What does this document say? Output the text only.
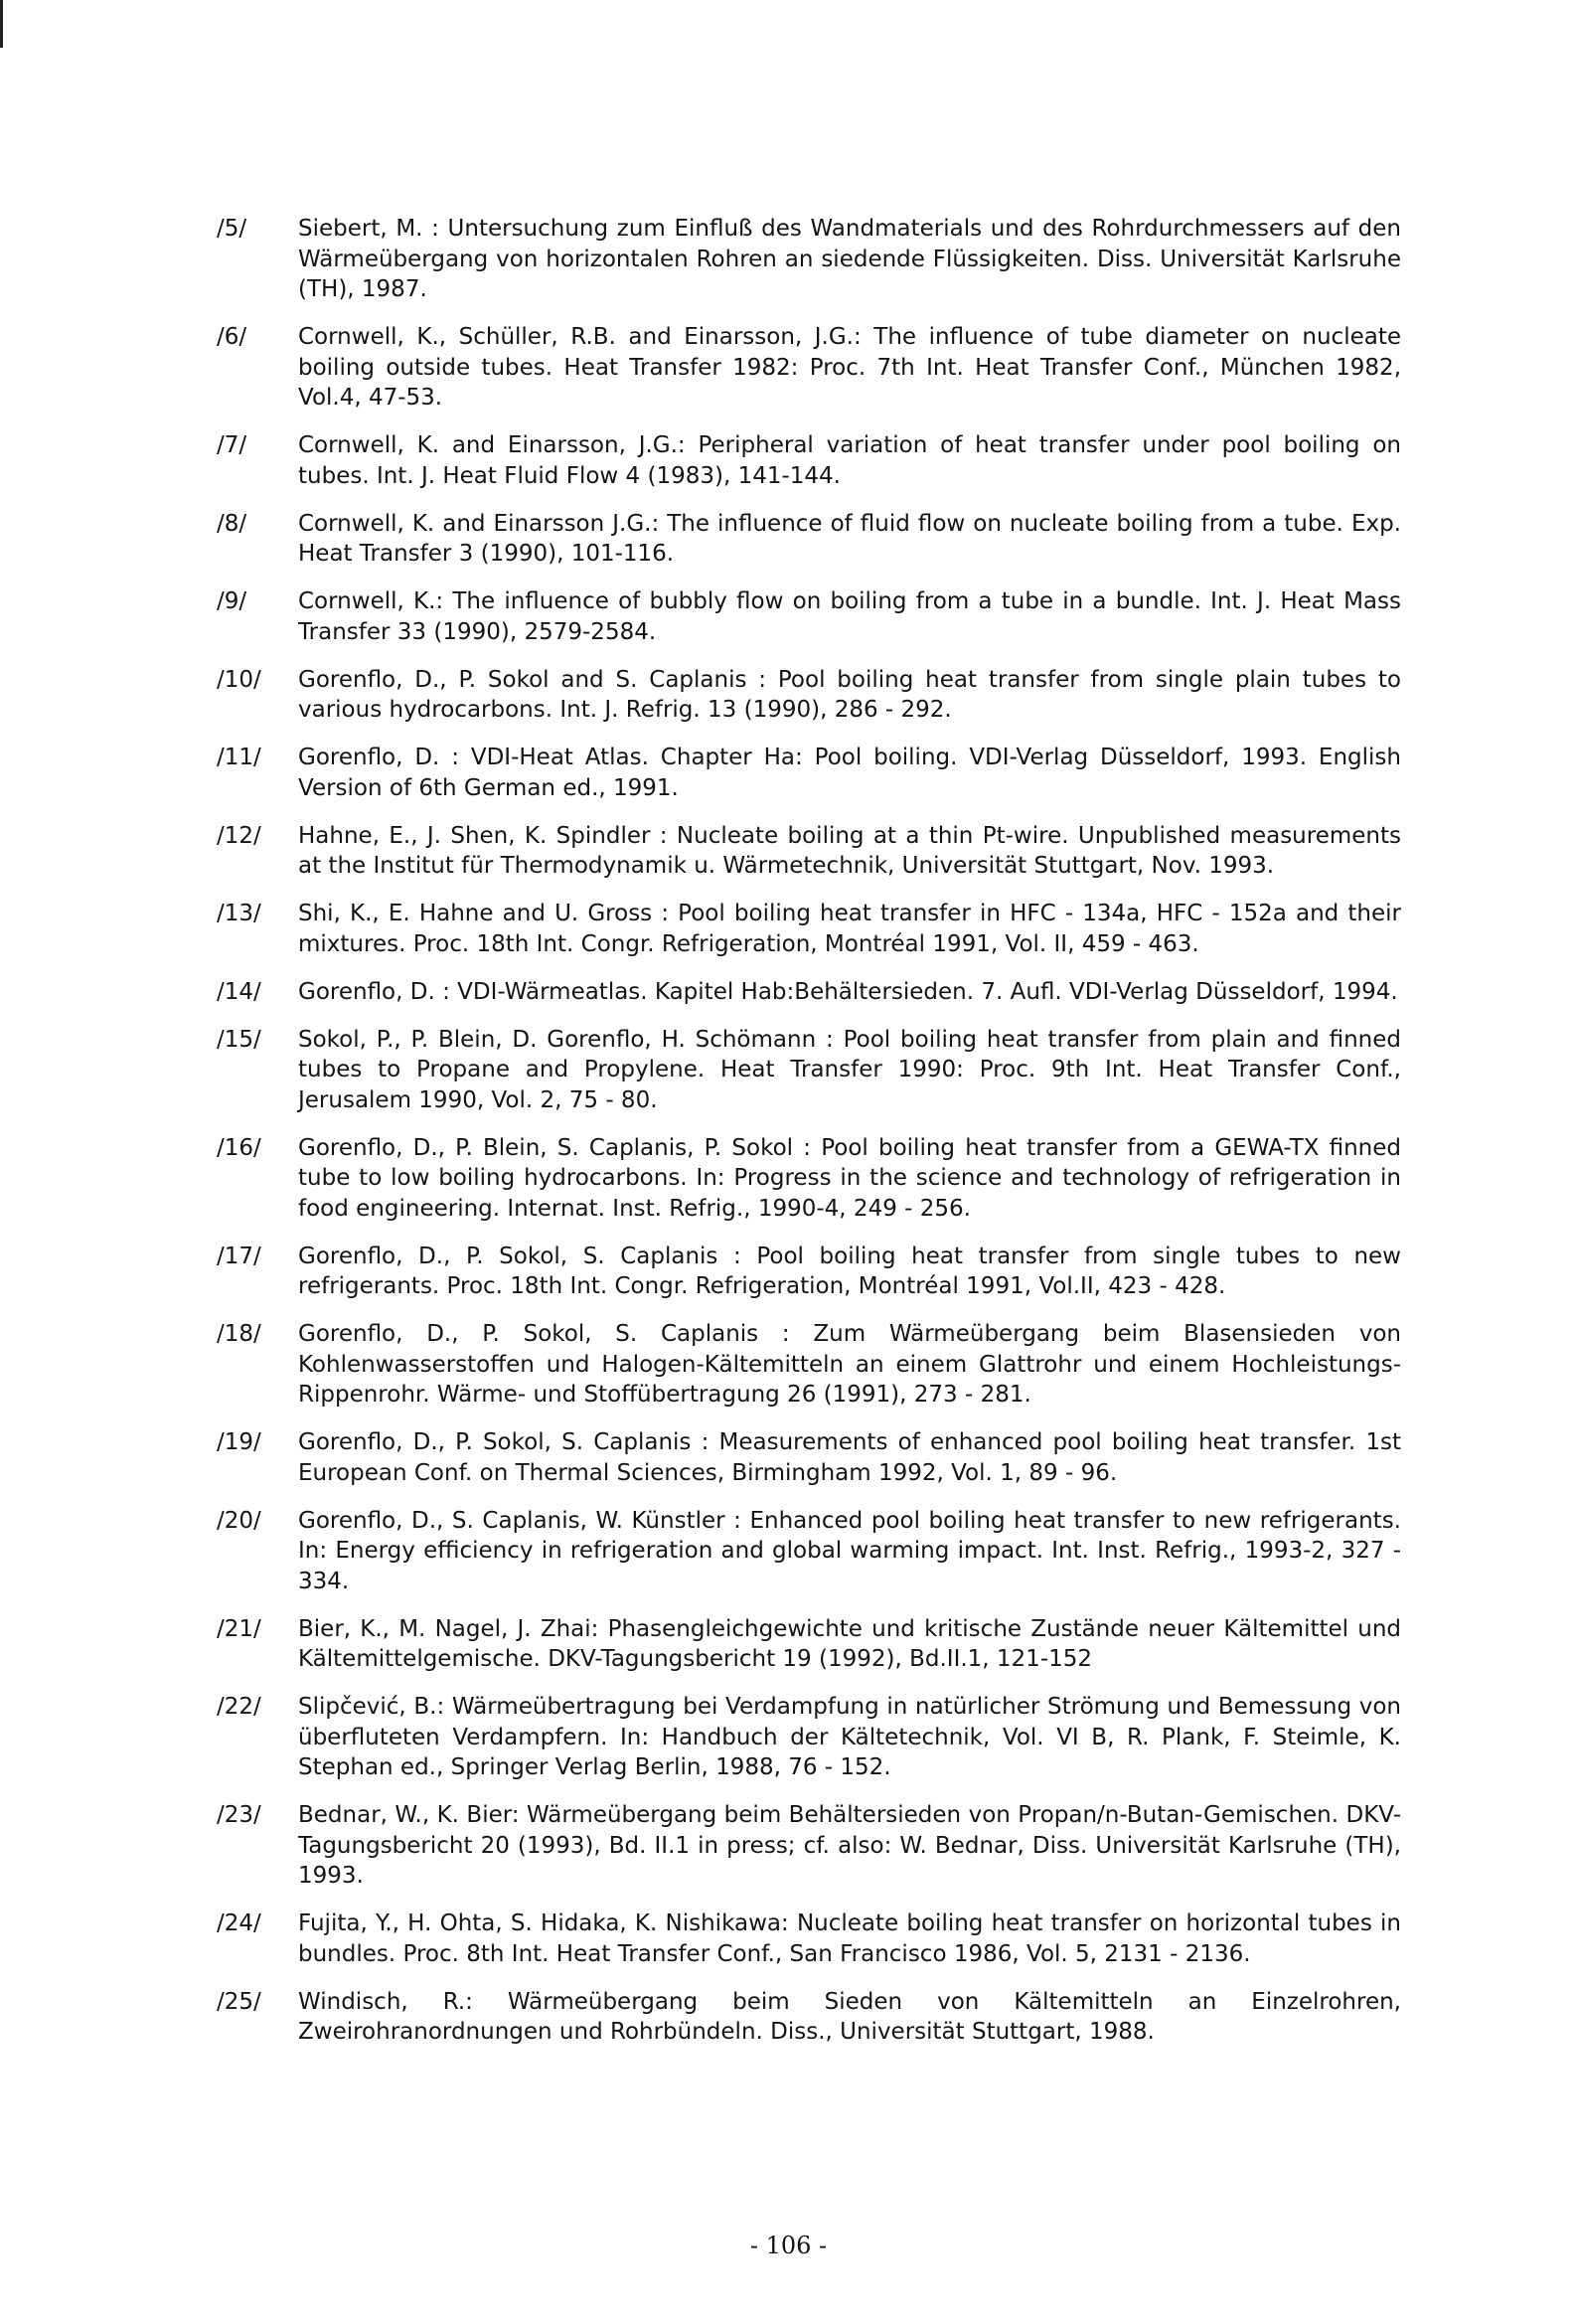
/5/	Siebert, M. : Untersuchung zum Einfluß des Wandmaterials und des Rohrdurchmessers auf den Wärmeübergang von horizontalen Rohren an siedende Flüssigkeiten. Diss. Universität Karlsruhe (TH), 1987.
/6/	Cornwell, K., Schüller, R.B. and Einarsson, J.G.: The influence of tube diameter on nucleate boiling outside tubes. Heat Transfer 1982: Proc. 7th Int. Heat Transfer Conf., München 1982, Vol.4, 47-53.
/7/	Cornwell, K. and Einarsson, J.G.: Peripheral variation of heat transfer under pool boiling on tubes. Int. J. Heat Fluid Flow 4 (1983), 141-144.
/8/	Cornwell, K. and Einarsson J.G.: The influence of fluid flow on nucleate boiling from a tube. Exp. Heat Transfer 3 (1990), 101-116.
/9/	Cornwell, K.: The influence of bubbly flow on boiling from a tube in a bundle. Int. J. Heat Mass Transfer 33 (1990), 2579-2584.
/10/	Gorenflo, D., P. Sokol and S. Caplanis : Pool boiling heat transfer from single plain tubes to various hydrocarbons. Int. J. Refrig. 13 (1990), 286 - 292.
/11/	Gorenflo, D. : VDI-Heat Atlas. Chapter Ha: Pool boiling. VDI-Verlag Düsseldorf, 1993. English Version of 6th German ed., 1991.
/12/	Hahne, E., J. Shen, K. Spindler : Nucleate boiling at a thin Pt-wire. Unpublished measurements at the Institut für Thermodynamik u. Wärmetechnik, Universität Stuttgart, Nov. 1993.
/13/	Shi, K., E. Hahne and U. Gross : Pool boiling heat transfer in HFC - 134a, HFC - 152a and their mixtures. Proc. 18th Int. Congr. Refrigeration, Montréal 1991, Vol. II, 459 - 463.
/14/	Gorenflo, D. : VDI-Wärmeatlas. Kapitel Hab:Behältersieden. 7. Aufl. VDI-Verlag Düsseldorf, 1994.
/15/	Sokol, P., P. Blein, D. Gorenflo, H. Schömann : Pool boiling heat transfer from plain and finned tubes to Propane and Propylene. Heat Transfer 1990: Proc. 9th Int. Heat Transfer Conf., Jerusalem 1990, Vol. 2, 75 - 80.
/16/	Gorenflo, D., P. Blein, S. Caplanis, P. Sokol : Pool boiling heat transfer from a GEWA-TX finned tube to low boiling hydrocarbons. In: Progress in the science and technology of refrigeration in food engineering. Internat. Inst. Refrig., 1990-4, 249 - 256.
/17/	Gorenflo, D., P. Sokol, S. Caplanis : Pool boiling heat transfer from single tubes to new refrigerants. Proc. 18th Int. Congr. Refrigeration, Montréal 1991, Vol.II, 423 - 428.
/18/	Gorenflo, D., P. Sokol, S. Caplanis : Zum Wärmeübergang beim Blasensieden von Kohlenwasserstoffen und Halogen-Kältemitteln an einem Glattrohr und einem Hochleistungs-Rippenrohr. Wärme- und Stoffübertragung 26 (1991), 273 - 281.
/19/	Gorenflo, D., P. Sokol, S. Caplanis : Measurements of enhanced pool boiling heat transfer. 1st European Conf. on Thermal Sciences, Birmingham 1992, Vol. 1, 89 - 96.
/20/	Gorenflo, D., S. Caplanis, W. Künstler : Enhanced pool boiling heat transfer to new refrigerants. In: Energy efficiency in refrigeration and global warming impact. Int. Inst. Refrig., 1993-2, 327 - 334.
/21/	Bier, K., M. Nagel, J. Zhai: Phasengleichgewichte und kritische Zustände neuer Kältemittel und Kältemittelgemische. DKV-Tagungsbericht 19 (1992), Bd.II.1, 121-152
/22/	Slipčević, B.: Wärmeübertragung bei Verdampfung in natürlicher Strömung und Bemessung von überfluteten Verdampfern. In: Handbuch der Kältetechnik, Vol. VI B, R. Plank, F. Steimle, K. Stephan ed., Springer Verlag Berlin, 1988, 76 - 152.
/23/	Bednar, W., K. Bier: Wärmeübergang beim Behältersieden von Propan/n-Butan-Gemischen. DKV-Tagungsbericht 20 (1993), Bd. II.1 in press; cf. also: W. Bednar, Diss. Universität Karlsruhe (TH), 1993.
/24/	Fujita, Y., H. Ohta, S. Hidaka, K. Nishikawa: Nucleate boiling heat transfer on horizontal tubes in bundles. Proc. 8th Int. Heat Transfer Conf., San Francisco 1986, Vol. 5, 2131 - 2136.
/25/	Windisch, R.: Wärmeübergang beim Sieden von Kältemitteln an Einzelrohren, Zweirohranordnungen und Rohrbündeln. Diss., Universität Stuttgart, 1988.
- 106 -
